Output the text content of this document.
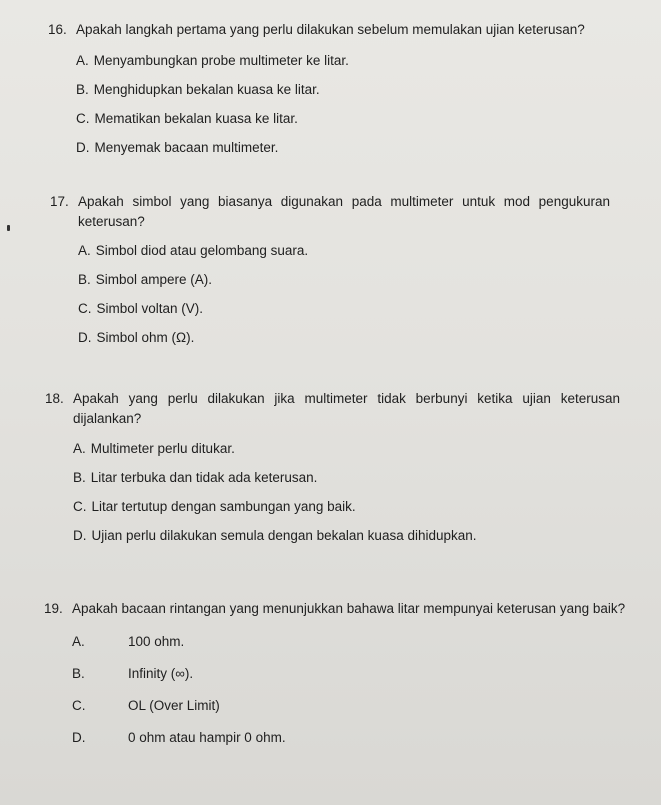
16. Apakah langkah pertama yang perlu dilakukan sebelum memulakan ujian keterusan?
A. Menyambungkan probe multimeter ke litar.
B. Menghidupkan bekalan kuasa ke litar.
C. Mematikan bekalan kuasa ke litar.
D. Menyemak bacaan multimeter.
17. Apakah simbol yang biasanya digunakan pada multimeter untuk mod pengukuran keterusan?
A. Simbol diod atau gelombang suara.
B. Simbol ampere (A).
C. Simbol voltan (V).
D. Simbol ohm (Ω).
18. Apakah yang perlu dilakukan jika multimeter tidak berbunyi ketika ujian keterusan dijalankan?
A. Multimeter perlu ditukar.
B. Litar terbuka dan tidak ada keterusan.
C. Litar tertutup dengan sambungan yang baik.
D. Ujian perlu dilakukan semula dengan bekalan kuasa dihidupkan.
19. Apakah bacaan rintangan yang menunjukkan bahawa litar mempunyai keterusan yang baik?
A.	100 ohm.
B.	Infinity (∞).
C.	OL (Over Limit)
D.	0 ohm atau hampir 0 ohm.
